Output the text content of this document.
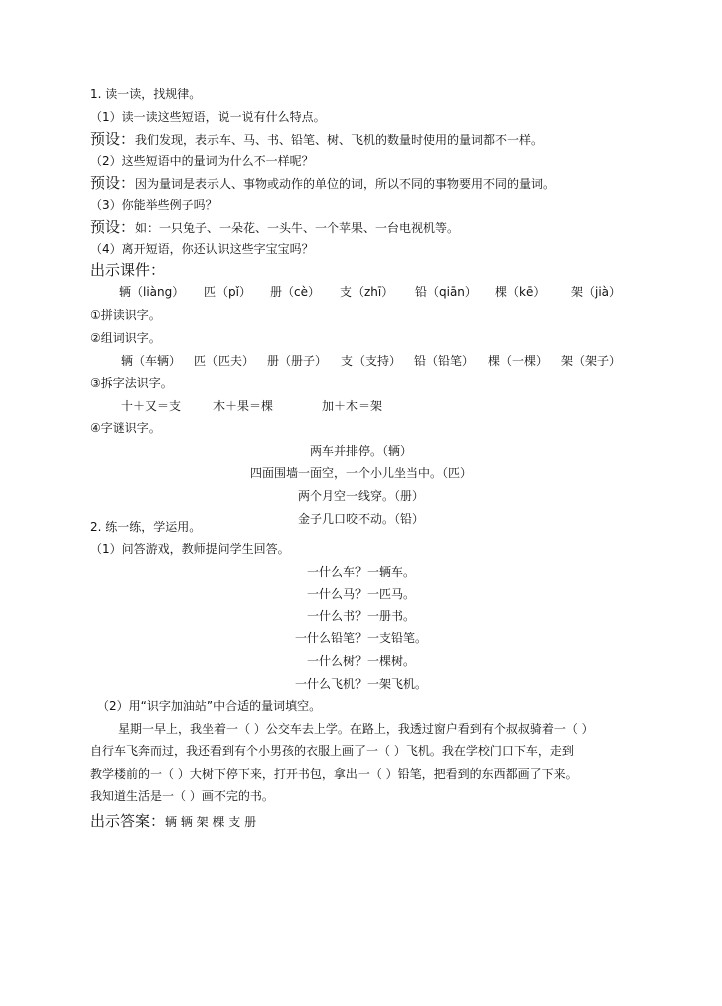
1. 读一读，找规律。
（1）读一读这些短语，说一说有什么特点。
预设：我们发现，表示车、马、书、铅笔、树、飞机的数量时使用的量词都不一样。
（2）这些短语中的量词为什么不一样呢？
预设：因为量词是表示人、事物或动作的单位的词，所以不同的事物要用不同的量词。
（3）你能举些例子吗？
预设：如：一只兔子、一朵花、一头牛、一个苹果、一台电视机等。
（4）离开短语，你还认识这些字宝宝吗？
出示课件：
辆（liàng） 匹（pǐ） 册（cè） 支（zhī） 铅（qiān） 棵（kē） 架（jià）
①拼读识字。
②组词识字。
辆（车辆） 匹（匹夫） 册（册子） 支（支持） 铅（铅笔） 棵（一棵） 架（架子）
③拆字法识字。
十＋又＝支	木＋果＝棵	加＋木＝架
④字谜识字。
两车并排停。（辆）
四面围墙一面空，一个小儿坐当中。（匹）
两个月空一线穿。（册）
金子几口咬不动。（铅）
2. 练一练，学运用。
（1）问答游戏，教师提问学生回答。
一什么车？一辆车。
一什么马？一匹马。
一什么书？一册书。
一什么铅笔？一支铅笔。
一什么树？一棵树。
一什么飞机？一架飞机。
（2）用“识字加油站”中合适的量词填空。
星期一早上，我坐着一（ ）公交车去上学。在路上，我透过窗户看到有个叔叔骑着一（ ）
自行车飞奔而过，我还看到有个小男孩的衣服上画了一（ ）飞机。我在学校门口下车，走到
教学楼前的一（ ）大树下停下来，打开书包，拿出一（ ）铅笔，把看到的东西都画了下来。
我知道生活是一（ ）画不完的书。
出示答案：辆 辆 架 棵 支 册
